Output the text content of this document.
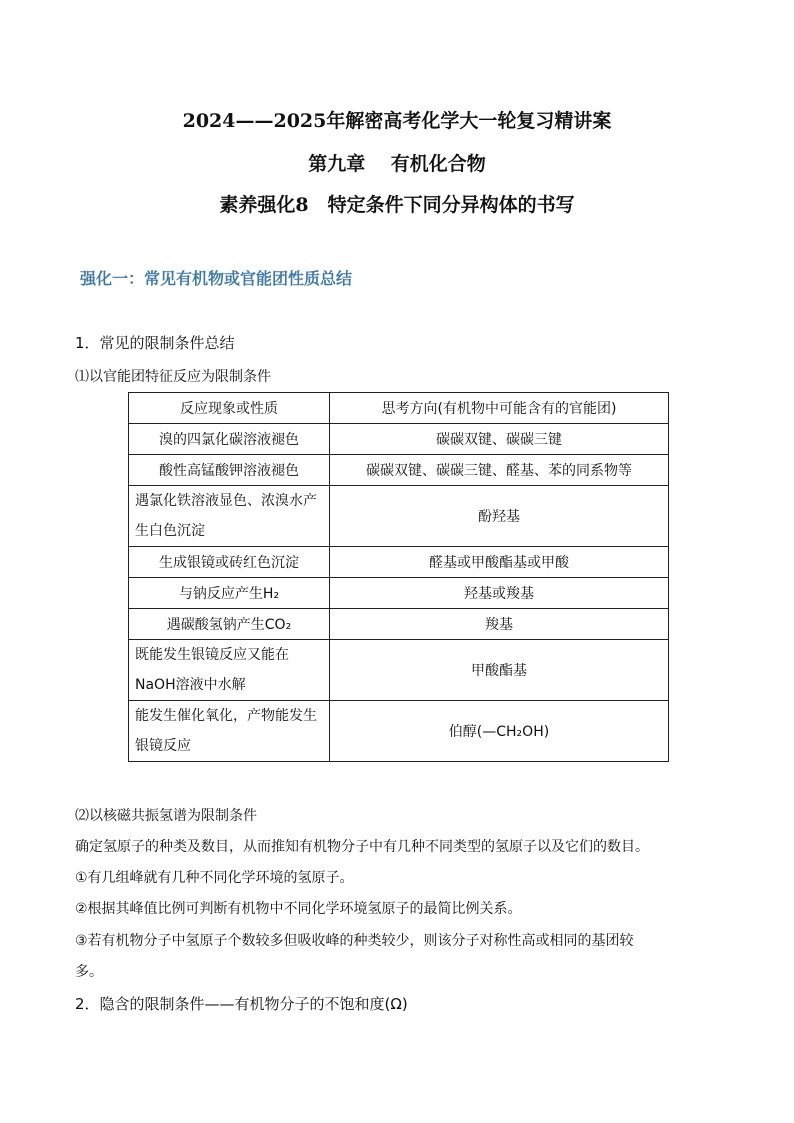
2024——2025年解密高考化学大一轮复习精讲案
第九章　 有机化合物
素养强化8　特定条件下同分异构体的书写
强化一：常见有机物或官能团性质总结
1．常见的限制条件总结
⑴以官能团特征反应为限制条件
反应现象或性质	思考方向(有机物中可能含有的官能团)
溴的四氯化碳溶液褪色	碳碳双键、碳碳三键
酸性高锰酸钾溶液褪色	碳碳双键、碳碳三键、醛基、苯的同系物等
遇氯化铁溶液显色、浓溴水产生白色沉淀	酚羟基
生成银镜或砖红色沉淀	醛基或甲酸酯基或甲酸
与钠反应产生H₂	羟基或羧基
遇碳酸氢钠产生CO₂	羧基
既能发生银镜反应又能在NaOH溶液中水解	甲酸酯基
能发生催化氧化，产物能发生银镜反应	伯醇(—CH₂OH)
⑵以核磁共振氢谱为限制条件
确定氢原子的种类及数目，从而推知有机物分子中有几种不同类型的氢原子以及它们的数目。
①有几组峰就有几种不同化学环境的氢原子。
②根据其峰值比例可判断有机物中不同化学环境氢原子的最简比例关系。
③若有机物分子中氢原子个数较多但吸收峰的种类较少，则该分子对称性高或相同的基团较
多。
2．隐含的限制条件——有机物分子的不饱和度(Ω)
